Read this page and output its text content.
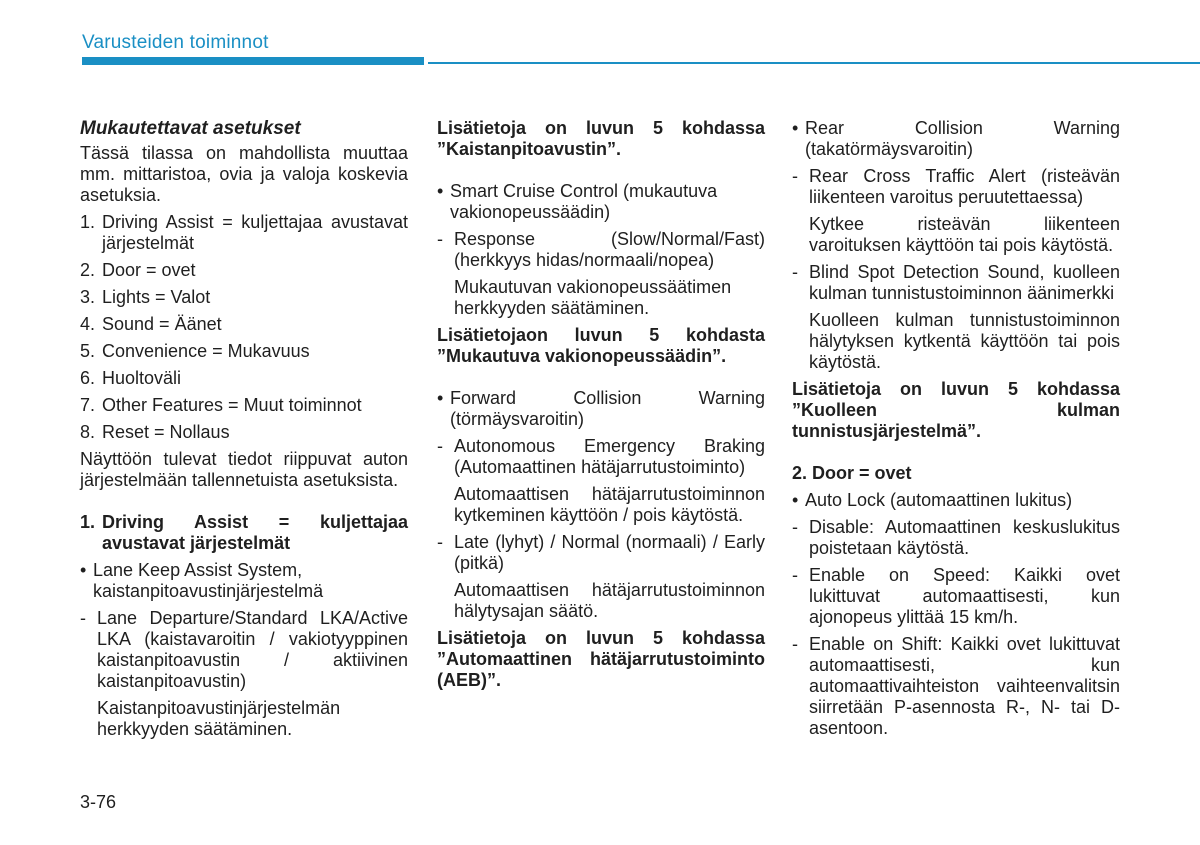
Varusteiden toiminnot

Mukautettavat asetukset

Tässä tilassa on mahdollista muuttaa mm. mittaristoa, ovia ja valoja koskevia asetuksia.

1. Driving Assist = kuljettajaa avustavat järjestelmät
2. Door = ovet
3. Lights = Valot
4. Sound = Äänet
5. Convenience = Mukavuus
6. Huoltoväli
7. Other Features = Muut toiminnot
8. Reset = Nollaus

Näyttöön tulevat tiedot riippuvat auton järjestelmään tallennetuista asetuksista.

1. Driving Assist = kuljettajaa avustavat järjestelmät
• Lane Keep Assist System, kaistanpitoavustinjärjestelmä
- Lane Departure/Standard LKA/Active LKA (kaistavaroitin / vakiotyyppinen kaistanpitoavustin / aktiivinen kaistanpitoavustin)

Kaistanpitoavustinjärjestelmän herkkyyden säätäminen.

Lisätietoja on luvun 5 kohdassa ”Kaistanpitoavustin”.

• Smart Cruise Control (mukautuva vakionopeussäädin)
- Response (Slow/Normal/Fast) (herkkyys hidas/normaali/nopea)

Mukautuvan vakionopeussäätimen herkkyyden säätäminen.

Lisätietojaon luvun 5 kohdasta ”Mukautuva vakionopeussäädin”.

• Forward Collision Warning (törmäysvaroitin)
- Autonomous Emergency Braking (Automaattinen hätäjarrutustoiminto)

Automaattisen hätäjarrutustoiminnon kytkeminen käyttöön / pois käytöstä.

- Late (lyhyt) / Normal (normaali) / Early (pitkä)

Automaattisen hätäjarrutustoiminnon hälytysajan säätö.

Lisätietoja on luvun 5 kohdassa ”Automaattinen hätäjarrutustoiminto (AEB)”.

• Rear Collision Warning (takatörmäysvaroitin)
- Rear Cross Traffic Alert (risteävän liikenteen varoitus peruutettaessa)

Kytkee risteävän liikenteen varoituksen käyttöön tai pois käytöstä.

- Blind Spot Detection Sound, kuolleen kulman tunnistustoiminnon äänimerkki

Kuolleen kulman tunnistustoiminnon hälytyksen kytkentä käyttöön tai pois käytöstä.

Lisätietoja on luvun 5 kohdassa ”Kuolleen kulman tunnistusjärjestelmä”.

2. Door = ovet

• Auto Lock (automaattinen lukitus)
- Disable: Automaattinen keskuslukitus poistetaan käytöstä.
- Enable on Speed: Kaikki ovet lukittuvat automaattisesti, kun ajonopeus ylittää 15 km/h.
- Enable on Shift: Kaikki ovet lukittuvat automaattisesti, kun automaattivaihteiston vaihteenvalitsin siirretään P-asennosta R-, N- tai D-asentoon.
3-76
